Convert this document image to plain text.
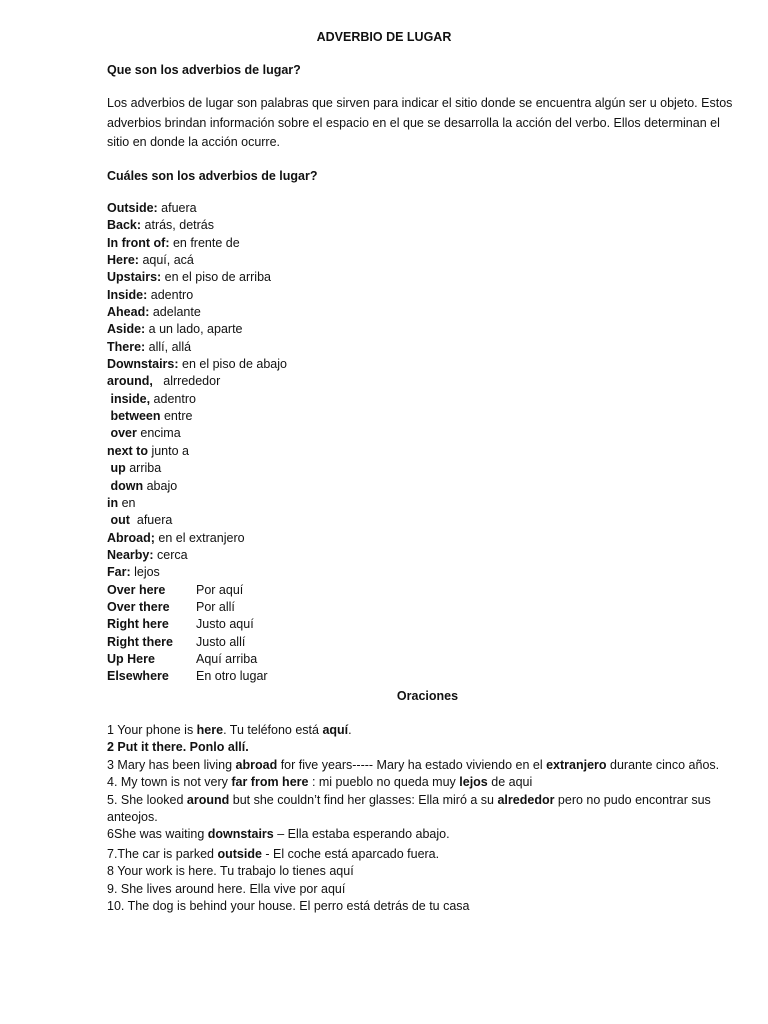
ADVERBIO DE LUGAR
Que son los adverbios de lugar?

Los adverbios de lugar son palabras que sirven para indicar el sitio donde se encuentra algún ser u objeto. Estos adverbios brindan información sobre el espacio en el que se desarrolla la acción del verbo. Ellos determinan el sitio en donde la acción ocurre.

Cuáles son los adverbios de lugar?
Outside: afuera
Back: atrás, detrás
In front of: en frente de
Here: aquí, acá
Upstairs: en el piso de arriba
Inside: adentro
Ahead: adelante
Aside: a un lado, aparte
There: allí, allá
Downstairs: en el piso de abajo
around,   alrrededor
inside, adentro
between entre
over encima
next to junto a
up arriba
down abajo
in en
out  afuera
Abroad; en el extranjero
Nearby: cerca
Far: lejos
Over here Por aquí
Over there Por allí
Right here Justo aquí
Right there Justo allí
Up Here	Aquí arriba
Elsewhere En otro lugar
Oraciones
1 Your phone is here. Tu teléfono está aquí.
2 Put it there. Ponlo allí.
3 Mary has been living abroad for five years----- Mary ha estado viviendo en el extranjero durante cinco años.
4. My town is not very far from here : mi pueblo no queda muy lejos de aqui
5. She looked around but she couldn’t find her glasses: Ella miró a su alrededor pero no pudo encontrar sus anteojos.
6She was waiting downstairs – Ella estaba esperando abajo.
7.The car is parked outside - El coche está aparcado fuera.
8 Your work is here. Tu trabajo lo tienes aquí
9. She lives around here. Ella vive por aquí
10. The dog is behind your house. El perro está detrás de tu casa
